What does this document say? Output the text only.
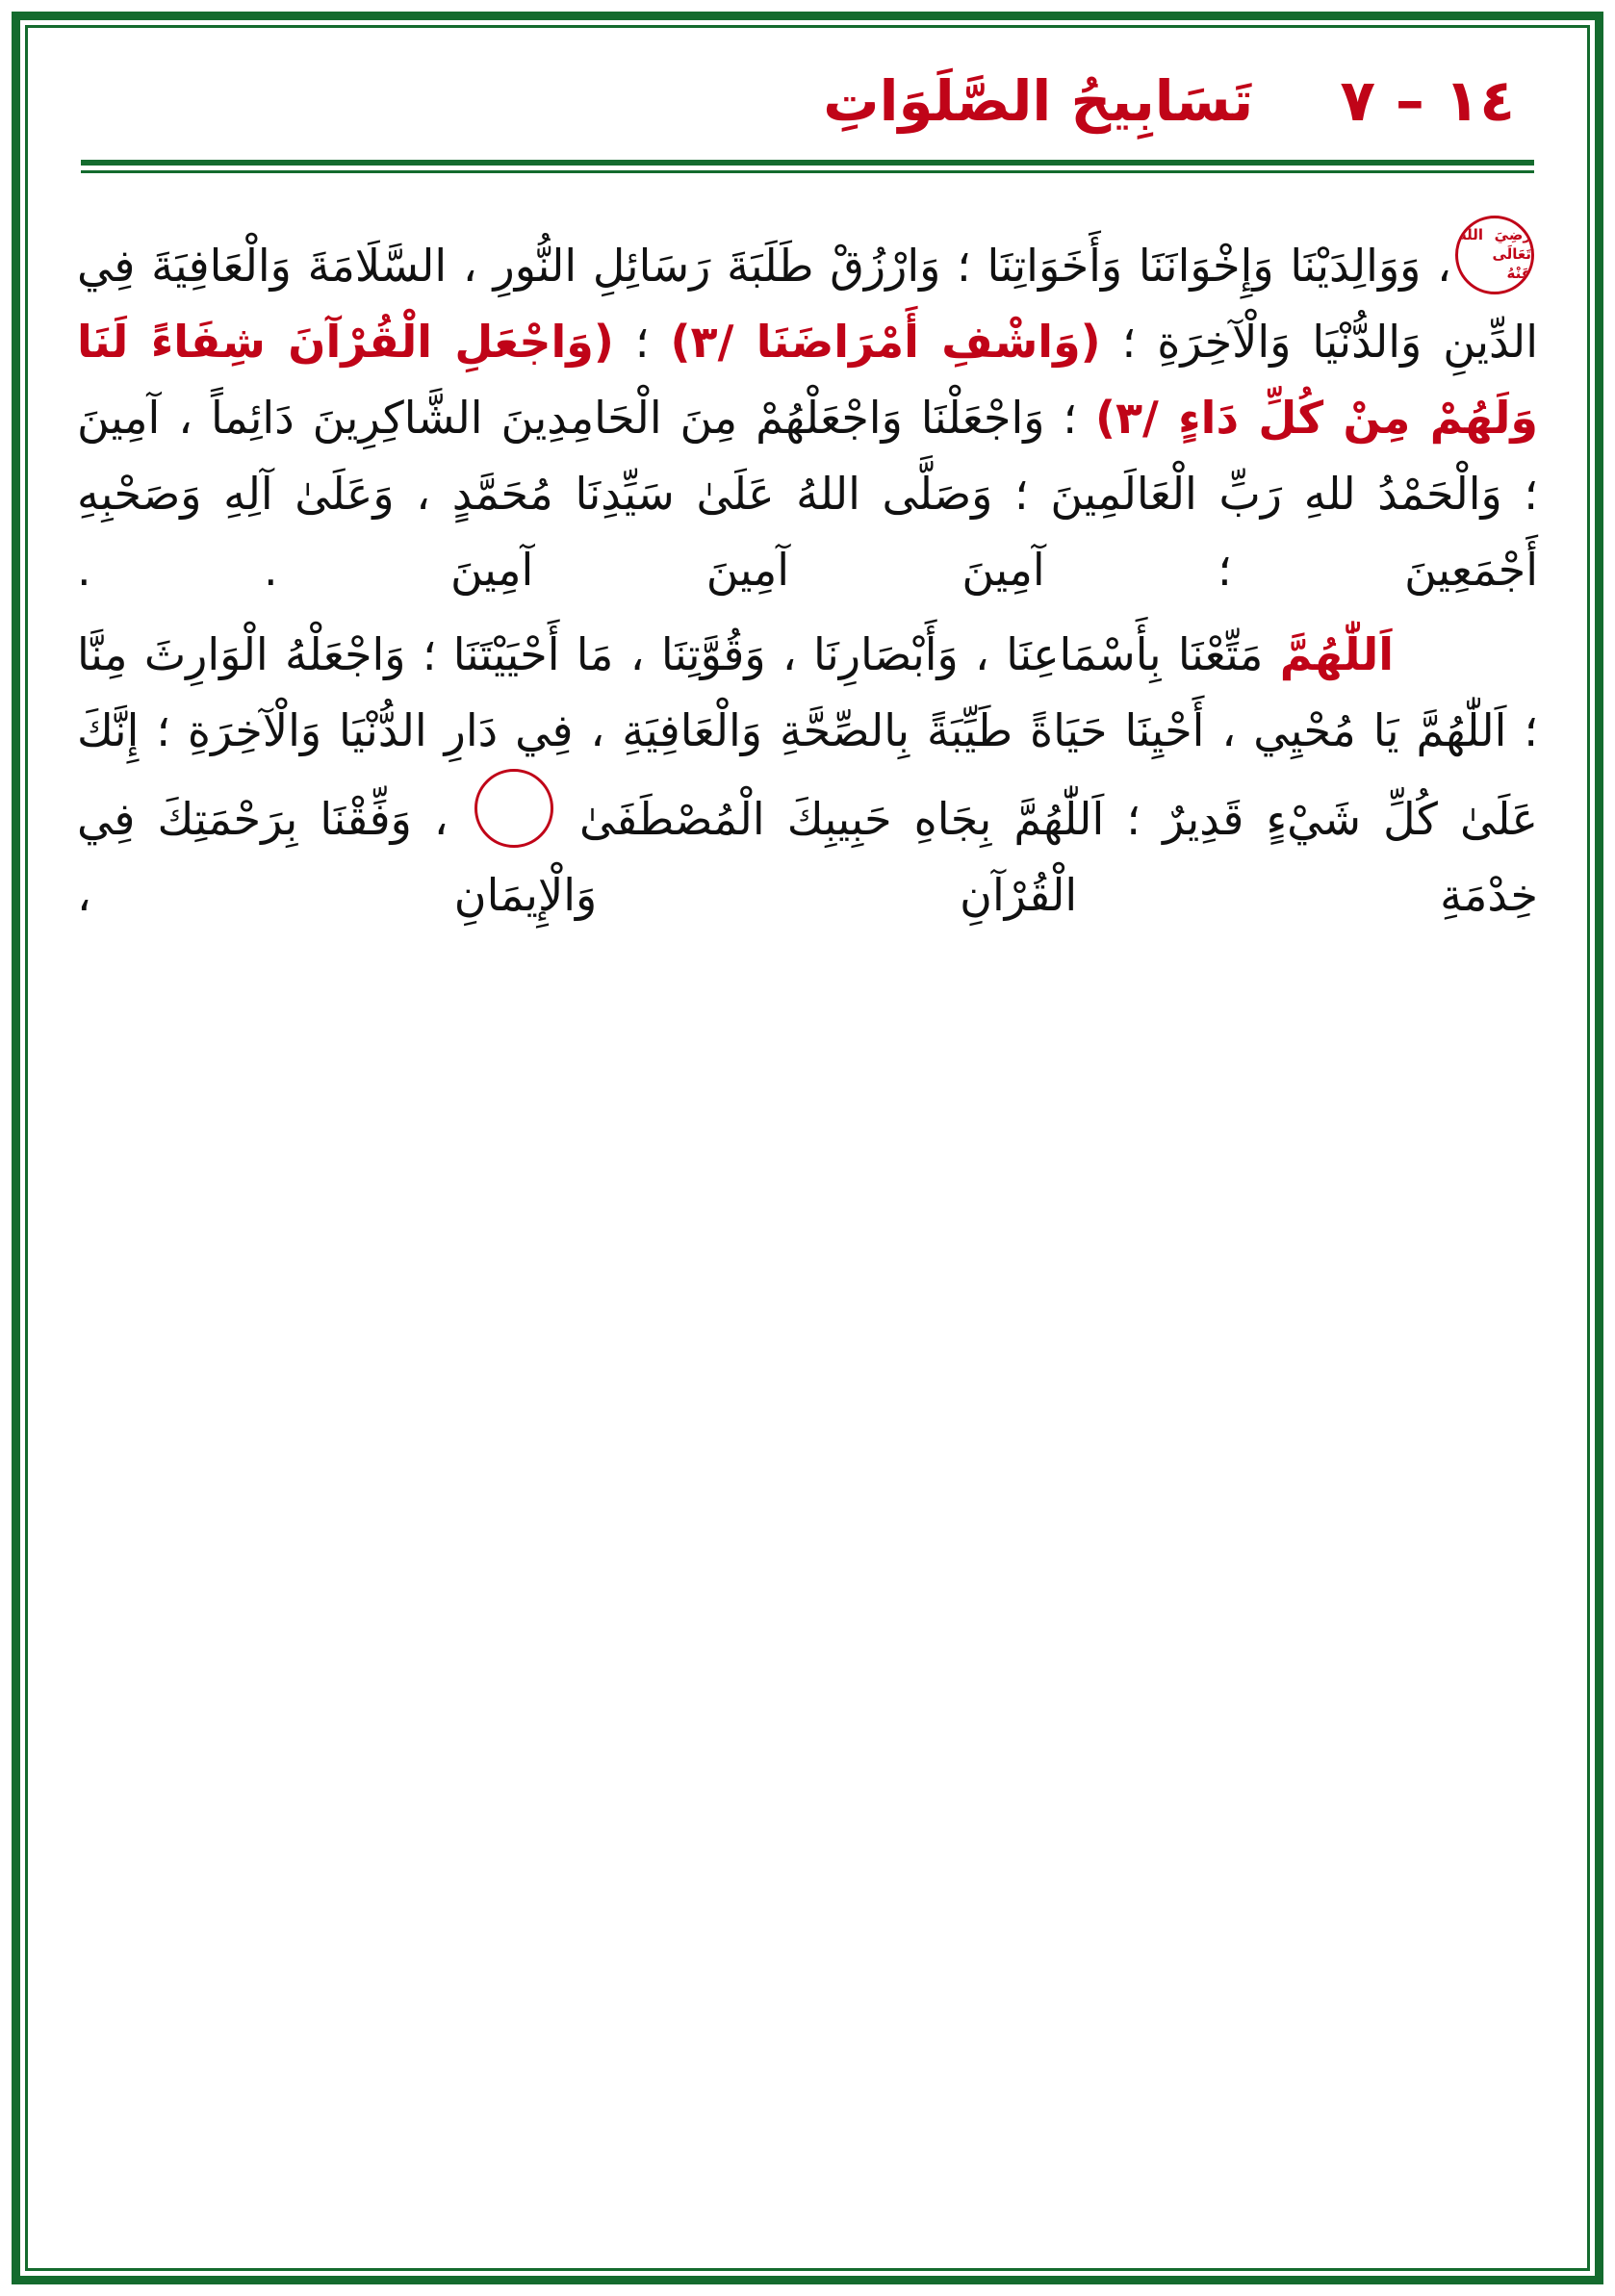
١٤ – ٧
تَسَابِيحُ الصَّلَوَاتِ

رَضِيَ اللهُ
تَعَالَى
عَنْهُ
، وَوَالِدَيْنَا وَإِخْوَانَنَا وَأَخَوَاتِنَا ؛ وَارْزُقْ طَلَبَةَ رَسَائِلِ النُّورِ ، السَّلَامَةَ وَالْعَافِيَةَ فِي الدِّينِ وَالدُّنْيَا وَالْآخِرَةِ ؛ (وَاشْفِ أَمْرَاضَنَا /٣) ؛ (وَاجْعَلِ الْقُرْآنَ شِفَاءً لَنَا وَلَهُمْ مِنْ كُلِّ دَاءٍ /٣) ؛ وَاجْعَلْنَا وَاجْعَلْهُمْ مِنَ الْحَامِدِينَ الشَّاكِرِينَ دَائِماً ، آمِينَ ؛ وَالْحَمْدُ للهِ رَبِّ الْعَالَمِينَ ؛ وَصَلَّى اللهُ عَلَىٰ سَيِّدِنَا مُحَمَّدٍ ، وَعَلَىٰ آلِهِ وَصَحْبِهِ أَجْمَعِينَ ؛ آمِينَ آمِينَ آمِينَ . .

اَللّٰهُمَّ مَتِّعْنَا بِأَسْمَاعِنَا ، وَأَبْصَارِنَا ، وَقُوَّتِنَا ، مَا أَحْيَيْتَنَا ؛ وَاجْعَلْهُ الْوَارِثَ مِنَّا ؛ اَللّٰهُمَّ يَا مُحْيِي ، أَحْيِنَا حَيَاةً طَيِّبَةً بِالصِّحَّةِ وَالْعَافِيَةِ ، فِي دَارِ الدُّنْيَا وَالْآخِرَةِ ؛ إِنَّكَ عَلَىٰ كُلِّ شَيْءٍ قَدِيرٌ ؛ اَللّٰهُمَّ بِجَاهِ حَبِيبِكَ الْمُصْطَفَىٰ
، وَفِّقْنَا بِرَحْمَتِكَ فِي خِدْمَةِ الْقُرْآنِ وَالْإِيمَانِ ،
